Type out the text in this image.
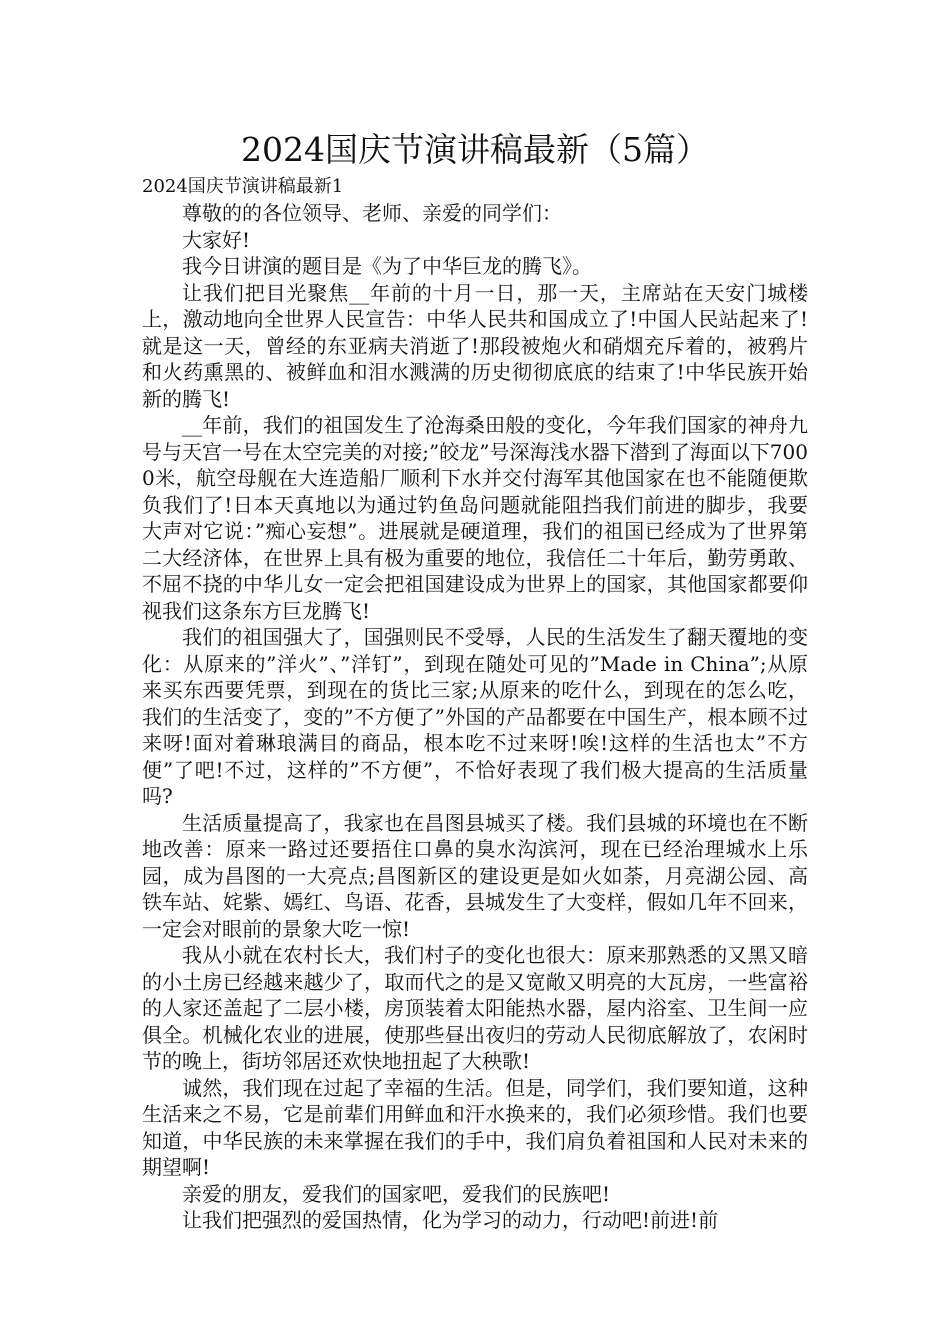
2024国庆节演讲稿最新（5篇）
2024国庆节演讲稿最新1

尊敬的的各位领导、老师、亲爱的同学们：

大家好!

我今日讲演的题目是《为了中华巨龙的腾飞》。

让我们把目光聚焦__年前的十月一日，那一天，主席站在天安门城楼上，激动地向全世界人民宣告：中华人民共和国成立了!中国人民站起来了!就是这一天，曾经的东亚病夫消逝了!那段被炮火和硝烟充斥着的，被鸦片和火药熏黑的、被鲜血和泪水溅满的历史彻彻底底的结束了!中华民族开始新的腾飞!

__年前，我们的祖国发生了沧海桑田般的变化，今年我们国家的神舟九号与天宫一号在太空完美的对接;”皎龙”号深海浅水器下潜到了海面以下7000米，航空母舰在大连造船厂顺利下水并交付海军其他国家在也不能随便欺负我们了!日本天真地以为通过钓鱼岛问题就能阻挡我们前进的脚步，我要大声对它说：”痴心妄想”。进展就是硬道理，我们的祖国已经成为了世界第二大经济体，在世界上具有极为重要的地位，我信任二十年后，勤劳勇敢、不屈不挠的中华儿女一定会把祖国建设成为世界上的国家，其他国家都要仰视我们这条东方巨龙腾飞!

我们的祖国强大了，国强则民不受辱，人民的生活发生了翻天覆地的变化：从原来的”洋火”、”洋钉”，到现在随处可见的”Made in China”;从原来买东西要凭票，到现在的货比三家;从原来的吃什么，到现在的怎么吃，我们的生活变了，变的”不方便了”外国的产品都要在中国生产，根本顾不过来呀!面对着琳琅满目的商品，根本吃不过来呀!唉!这样的生活也太”不方便”了吧!不过，这样的”不方便”，不恰好表现了我们极大提高的生活质量吗?

生活质量提高了，我家也在昌图县城买了楼。我们县城的环境也在不断地改善：原来一路过还要捂住口鼻的臭水沟滨河，现在已经治理城水上乐园，成为昌图的一大亮点;昌图新区的建设更是如火如荼，月亮湖公园、高铁车站、姹紫、嫣红、鸟语、花香，县城发生了大变样，假如几年不回来，一定会对眼前的景象大吃一惊!

我从小就在农村长大，我们村子的变化也很大：原来那熟悉的又黑又暗的小土房已经越来越少了，取而代之的是又宽敞又明亮的大瓦房，一些富裕的人家还盖起了二层小楼，房顶装着太阳能热水器，屋内浴室、卫生间一应俱全。机械化农业的进展，使那些昼出夜归的劳动人民彻底解放了，农闲时节的晚上，街坊邻居还欢快地扭起了大秧歌!

诚然，我们现在过起了幸福的生活。但是，同学们，我们要知道，这种生活来之不易，它是前辈们用鲜血和汗水换来的，我们必须珍惜。我们也要知道，中华民族的未来掌握在我们的手中，我们肩负着祖国和人民对未来的期望啊!

亲爱的朋友，爱我们的国家吧，爱我们的民族吧!

让我们把强烈的爱国热情，化为学习的动力，行动吧!前进!前
